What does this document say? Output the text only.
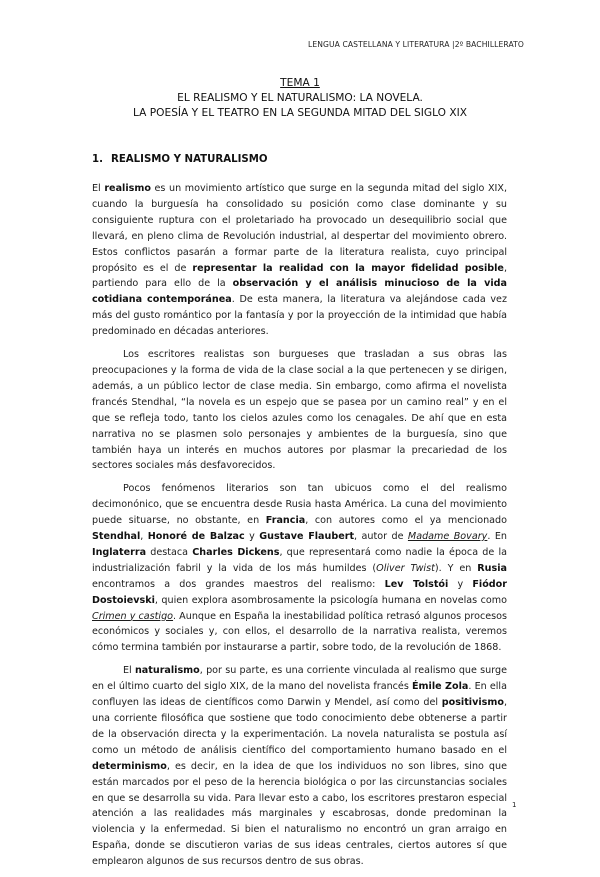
LENGUA CASTELLANA Y LITERATURA |2º BACHILLERATO
TEMA 1
EL REALISMO Y EL NATURALISMO: LA NOVELA.
LA POESÍA Y EL TEATRO EN LA SEGUNDA MITAD DEL SIGLO XIX
1. REALISMO Y NATURALISMO

El realismo es un movimiento artístico que surge en la segunda mitad del siglo XIX, cuando la burguesía ha consolidado su posición como clase dominante y su consiguiente ruptura con el proletariado ha provocado un desequilibrio social que llevará, en pleno clima de Revolución industrial, al despertar del movimiento obrero. Estos conflictos pasarán a formar parte de la literatura realista, cuyo principal propósito es el de representar la realidad con la mayor fidelidad posible, partiendo para ello de la observación y el análisis minucioso de la vida cotidiana contemporánea. De esta manera, la literatura va alejándose cada vez más del gusto romántico por la fantasía y por la proyección de la intimidad que había predominado en décadas anteriores.

Los escritores realistas son burgueses que trasladan a sus obras las preocupaciones y la forma de vida de la clase social a la que pertenecen y se dirigen, además, a un público lector de clase media. Sin embargo, como afirma el novelista francés Stendhal, “la novela es un espejo que se pasea por un camino real” y en el que se refleja todo, tanto los cielos azules como los cenagales. De ahí que en esta narrativa no se plasmen solo personajes y ambientes de la burguesía, sino que también haya un interés en muchos autores por plasmar la precariedad de los sectores sociales más desfavorecidos.

Pocos fenómenos literarios son tan ubicuos como el del realismo decimonónico, que se encuentra desde Rusia hasta América. La cuna del movimiento puede situarse, no obstante, en Francia, con autores como el ya mencionado Stendhal, Honoré de Balzac y Gustave Flaubert, autor de Madame Bovary. En Inglaterra destaca Charles Dickens, que representará como nadie la época de la industrialización fabril y la vida de los más humildes (Oliver Twist). Y en Rusia encontramos a dos grandes maestros del realismo: Lev Tolstói y Fiódor Dostoievski, quien explora asombrosamente la psicología humana en novelas como Crimen y castigo. Aunque en España la inestabilidad política retrasó algunos procesos económicos y sociales y, con ellos, el desarrollo de la narrativa realista, veremos cómo termina también por instaurarse a partir, sobre todo, de la revolución de 1868.

El naturalismo, por su parte, es una corriente vinculada al realismo que surge en el último cuarto del siglo XIX, de la mano del novelista francés Émile Zola. En ella confluyen las ideas de científicos como Darwin y Mendel, así como del positivismo, una corriente filosófica que sostiene que todo conocimiento debe obtenerse a partir de la observación directa y la experimentación. La novela naturalista se postula así como un método de análisis científico del comportamiento humano basado en el determinismo, es decir, en la idea de que los individuos no son libres, sino que están marcados por el peso de la herencia biológica o por las circunstancias sociales en que se desarrolla su vida. Para llevar esto a cabo, los escritores prestaron especial atención a las realidades más marginales y escabrosas, donde predominan la violencia y la enfermedad. Si bien el naturalismo no encontró un gran arraigo en España, donde se discutieron varias de sus ideas centrales, ciertos autores sí que emplearon algunos de sus recursos dentro de sus obras.

1
